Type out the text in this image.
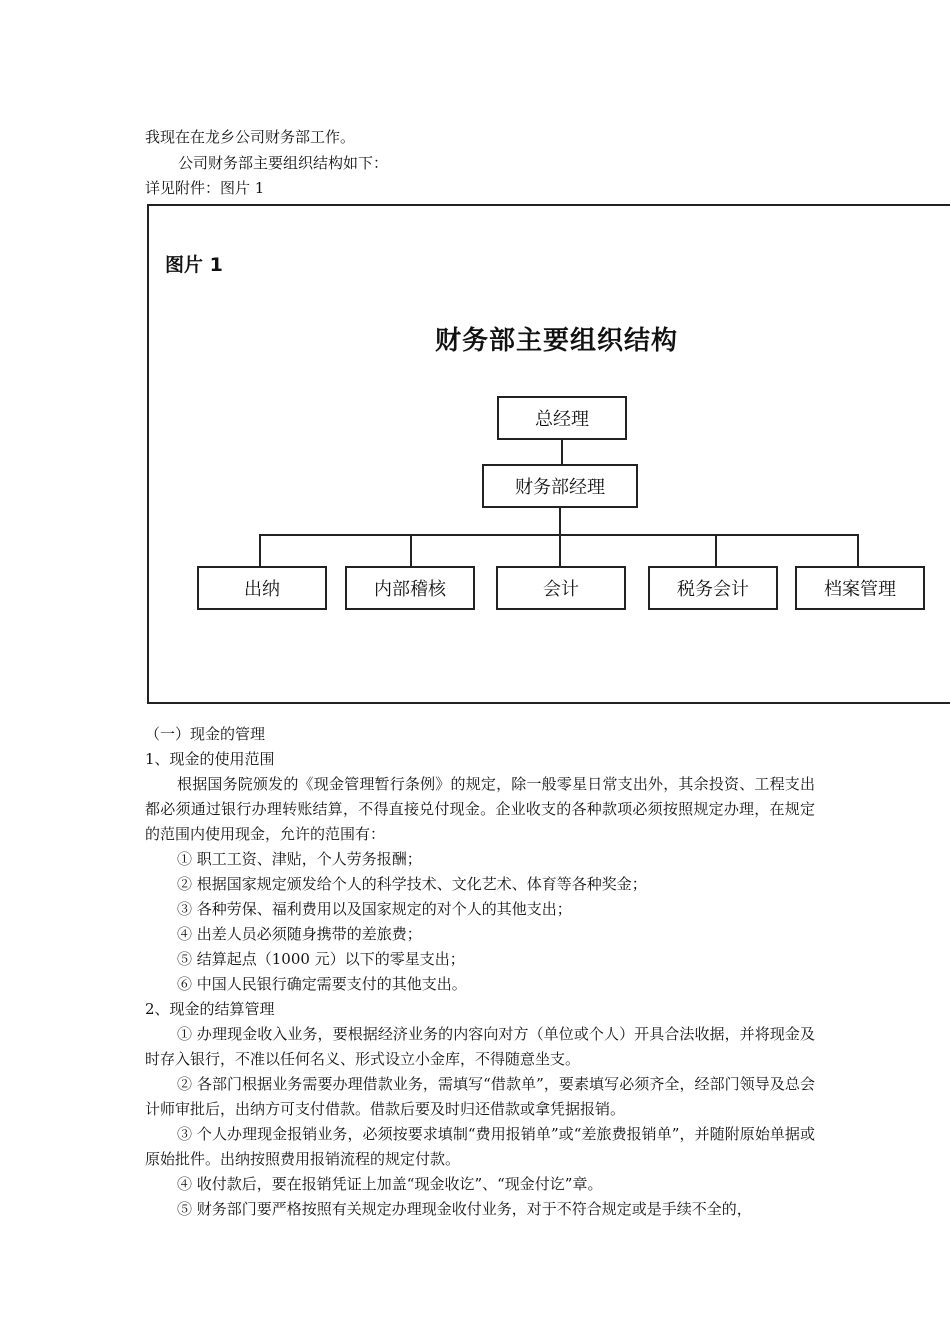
我现在在龙乡公司财务部工作。
公司财务部主要组织结构如下：
详见附件：图片 1
图片 1
财务部主要组织结构
总经理
财务部经理
出纳	内部稽核	会计	税务会计	档案管理

（一）现金的管理

1、现金的使用范围

根据国务院颁发的《现金管理暂行条例》的规定，除一般零星日常支出外，其余投资、工程支出都必须通过银行办理转账结算，不得直接兑付现金。企业收支的各种款项必须按照规定办理，在规定的范围内使用现金，允许的范围有：

① 职工工资、津贴，个人劳务报酬；

② 根据国家规定颁发给个人的科学技术、文化艺术、体育等各种奖金；

③ 各种劳保、福利费用以及国家规定的对个人的其他支出；

④ 出差人员必须随身携带的差旅费；

⑤ 结算起点（1000 元）以下的零星支出；

⑥ 中国人民银行确定需要支付的其他支出。

2、现金的结算管理

① 办理现金收入业务，要根据经济业务的内容向对方（单位或个人）开具合法收据，并将现金及时存入银行，不准以任何名义、形式设立小金库，不得随意坐支。

② 各部门根据业务需要办理借款业务，需填写“借款单”，要素填写必须齐全，经部门领导及总会计师审批后，出纳方可支付借款。借款后要及时归还借款或拿凭据报销。

③ 个人办理现金报销业务，必须按要求填制“费用报销单”或“差旅费报销单”，并随附原始单据或原始批件。出纳按照费用报销流程的规定付款。

④ 收付款后，要在报销凭证上加盖“现金收讫”、“现金付讫”章。

⑤ 财务部门要严格按照有关规定办理现金收付业务，对于不符合规定或是手续不全的，
